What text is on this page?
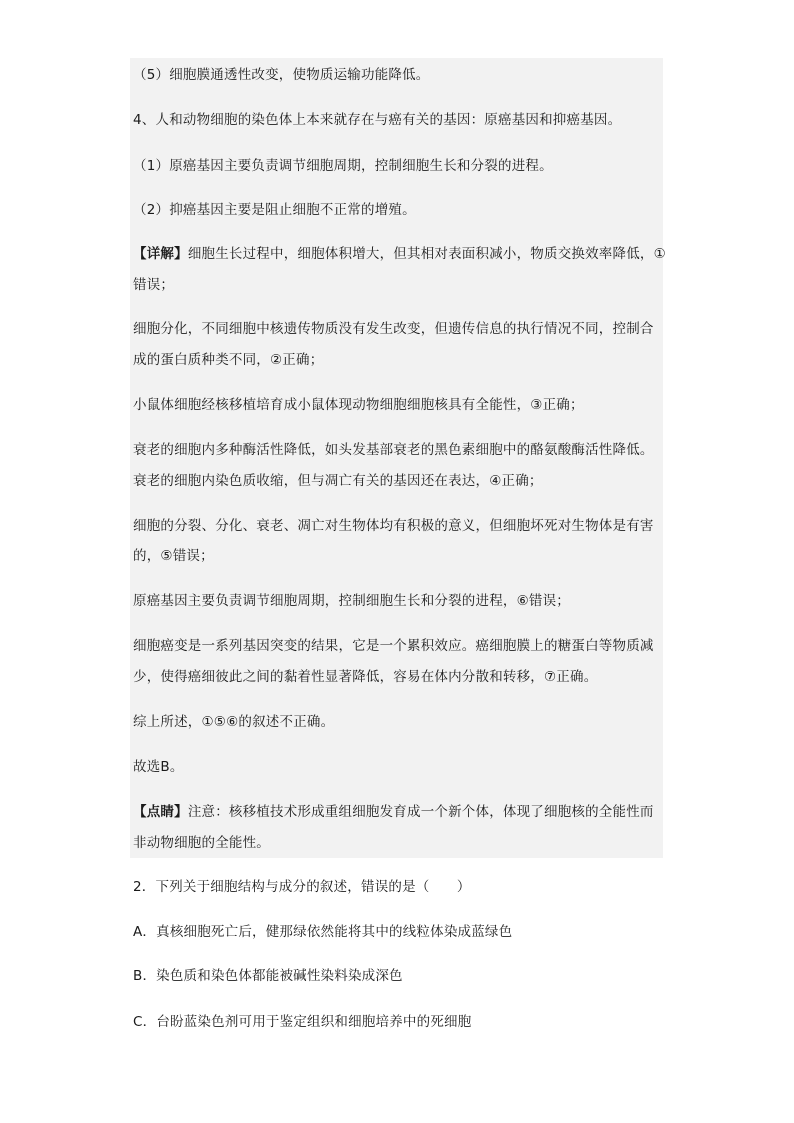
（5）细胞膜通透性改变，使物质运输功能降低。
4、人和动物细胞的染色体上本来就存在与癌有关的基因：原癌基因和抑癌基因。
（1）原癌基因主要负责调节细胞周期，控制细胞生长和分裂的进程。
（2）抑癌基因主要是阻止细胞不正常的增殖。
【详解】细胞生长过程中，细胞体积增大，但其相对表面积减小，物质交换效率降低，①
错误；
细胞分化，不同细胞中核遗传物质没有发生改变，但遗传信息的执行情况不同，控制合
成的蛋白质种类不同，②正确；
小鼠体细胞经核移植培育成小鼠体现动物细胞细胞核具有全能性，③正确；
衰老的细胞内多种酶活性降低，如头发基部衰老的黑色素细胞中的酪氨酸酶活性降低。
衰老的细胞内染色质收缩，但与凋亡有关的基因还在表达，④正确；
细胞的分裂、分化、衰老、凋亡对生物体均有积极的意义，但细胞坏死对生物体是有害
的，⑤错误；
原癌基因主要负责调节细胞周期，控制细胞生长和分裂的进程，⑥错误；
细胞癌变是一系列基因突变的结果，它是一个累积效应。癌细胞膜上的糖蛋白等物质减
少，使得癌细彼此之间的黏着性显著降低，容易在体内分散和转移，⑦正确。
综上所述，①⑤⑥的叙述不正确。
故选B。
【点睛】注意：核移植技术形成重组细胞发育成一个新个体，体现了细胞核的全能性而
非动物细胞的全能性。
2．下列关于细胞结构与成分的叙述，错误的是（　　）
A．真核细胞死亡后，健那绿依然能将其中的线粒体染成蓝绿色
B．染色质和染色体都能被碱性染料染成深色
C．台盼蓝染色剂可用于鉴定组织和细胞培养中的死细胞
